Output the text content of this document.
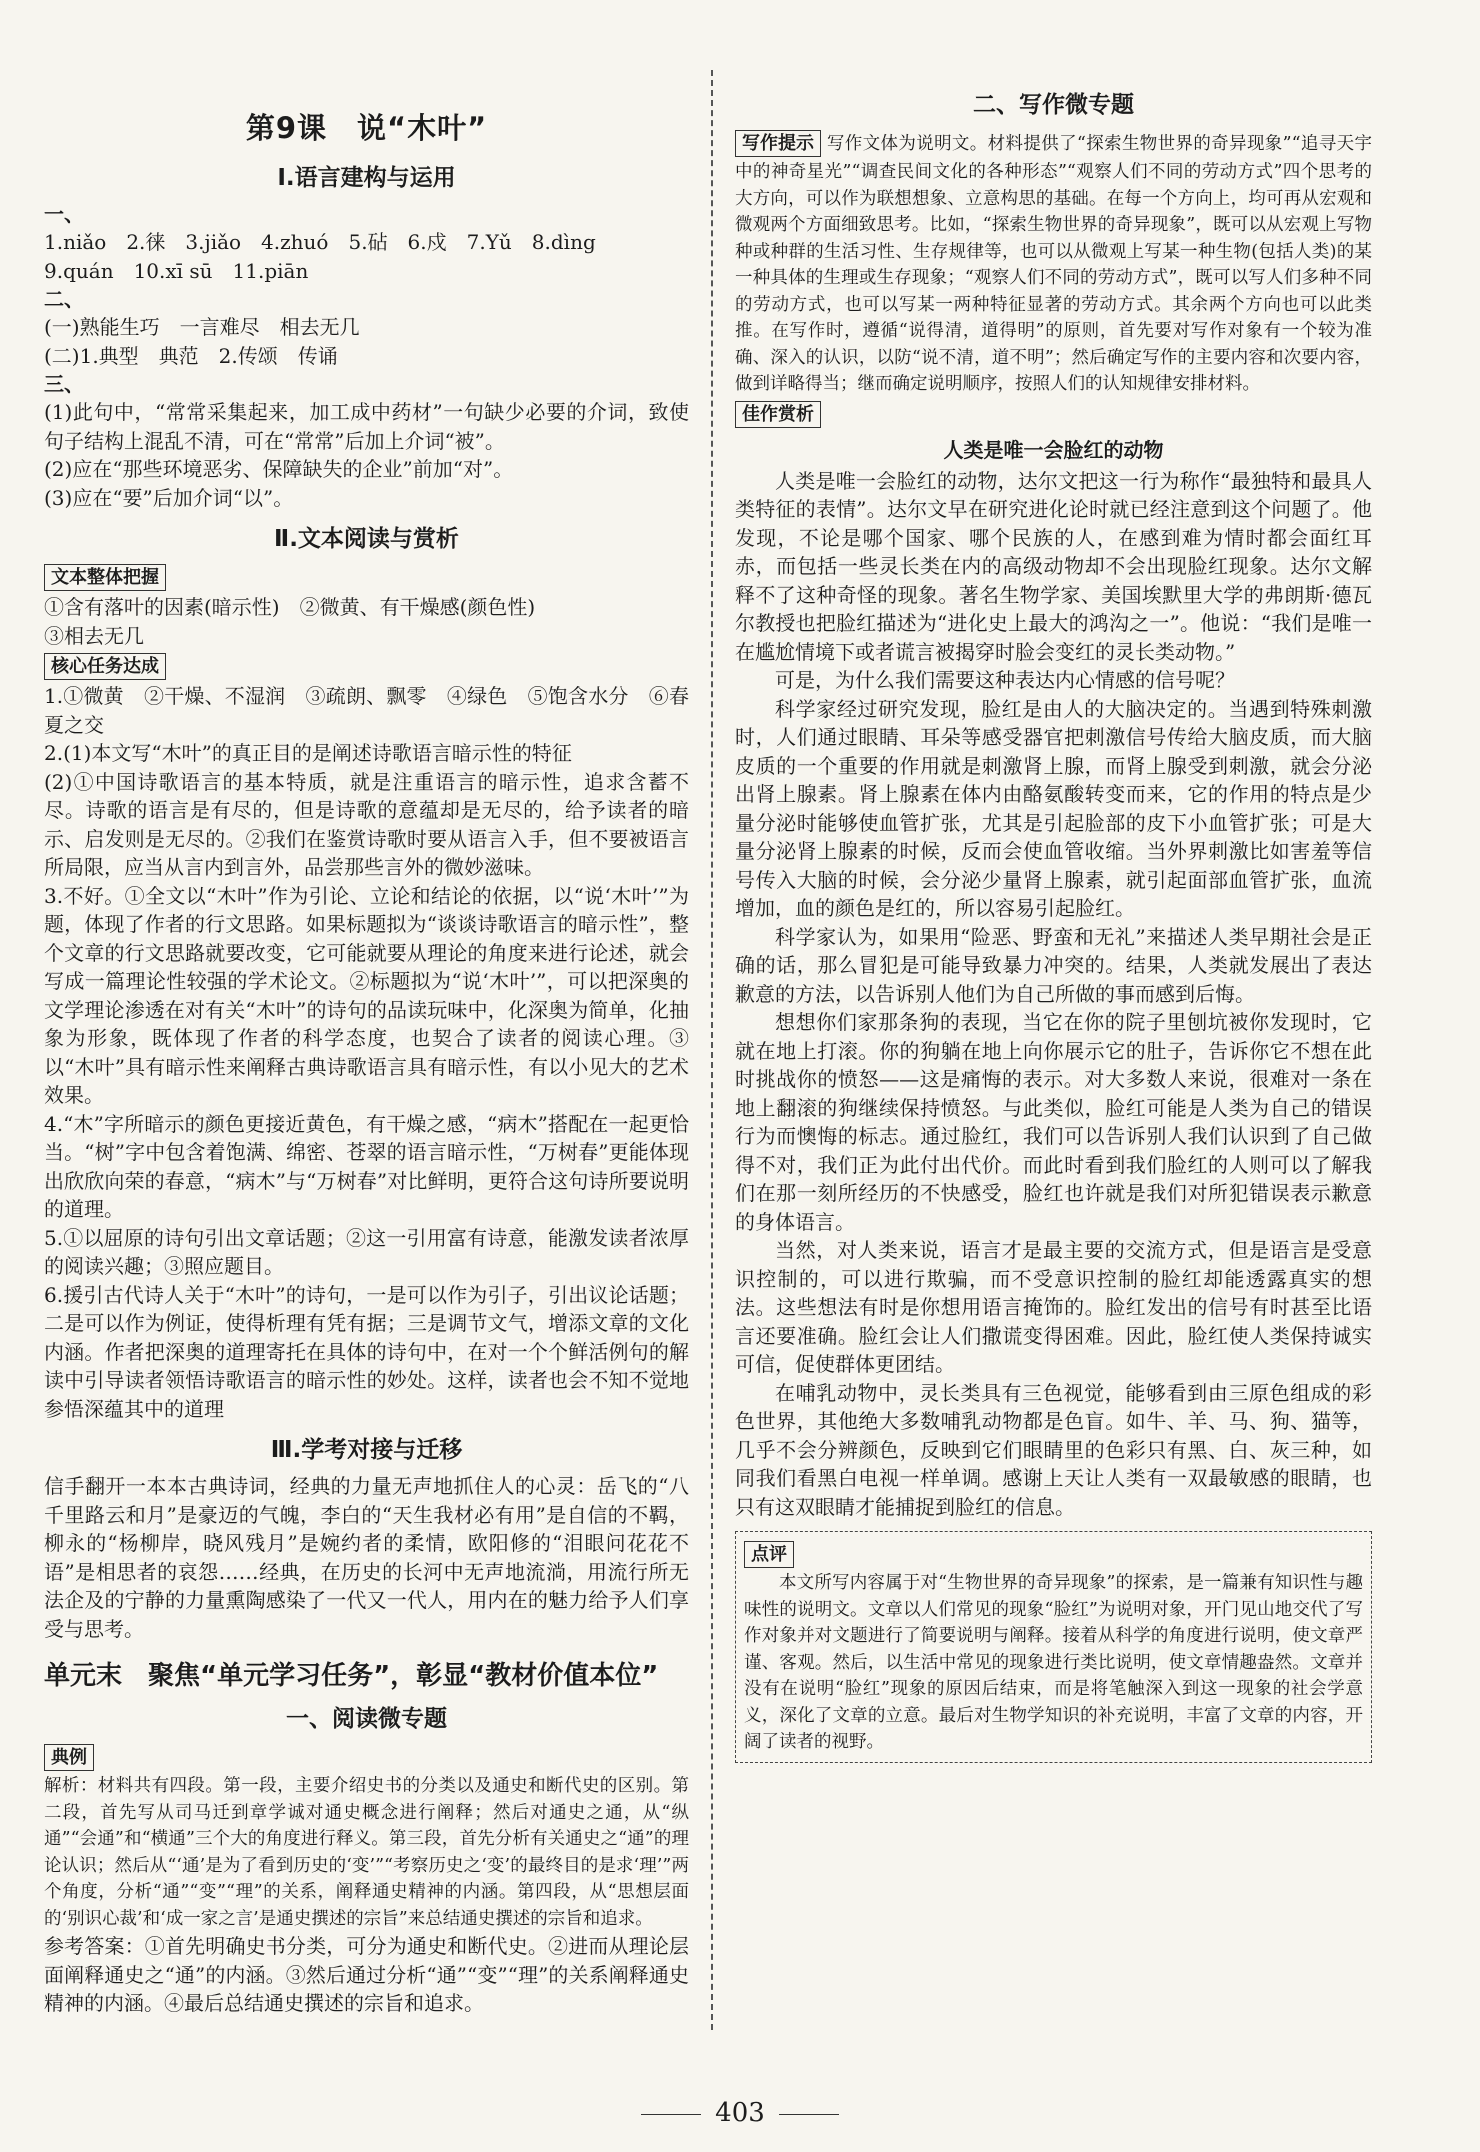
第9课　说“木叶”
Ⅰ.语言建构与运用

一、

1.niǎo　2.徕　3.jiǎo　4.zhuó　5.砧　6.戍　7.Yǔ　8.dìng

9.quán　10.xī sū　11.piān

二、

(一)熟能生巧　一言难尽　相去无几

(二)1.典型　典范　2.传颂　传诵

三、

(1)此句中，“常常采集起来，加工成中药材”一句缺少必要的介词，致使句子结构上混乱不清，可在“常常”后加上介词“被”。

(2)应在“那些环境恶劣、保障缺失的企业”前加“对”。

(3)应在“要”后加介词“以”。

Ⅱ.文本阅读与赏析
文本整体把握

①含有落叶的因素(暗示性)　②微黄、有干燥感(颜色性)

③相去无几

核心任务达成

1.①微黄　②干燥、不湿润　③疏朗、飘零　④绿色　⑤饱含水分　⑥春夏之交

2.(1)本文写“木叶”的真正目的是阐述诗歌语言暗示性的特征

(2)①中国诗歌语言的基本特质，就是注重语言的暗示性，追求含蓄不尽。诗歌的语言是有尽的，但是诗歌的意蕴却是无尽的，给予读者的暗示、启发则是无尽的。②我们在鉴赏诗歌时要从语言入手，但不要被语言所局限，应当从言内到言外，品尝那些言外的微妙滋味。

3.不好。①全文以“木叶”作为引论、立论和结论的依据，以“说‘木叶’”为题，体现了作者的行文思路。如果标题拟为“谈谈诗歌语言的暗示性”，整个文章的行文思路就要改变，它可能就要从理论的角度来进行论述，就会写成一篇理论性较强的学术论文。②标题拟为“说‘木叶’”，可以把深奥的文学理论渗透在对有关“木叶”的诗句的品读玩味中，化深奥为简单，化抽象为形象，既体现了作者的科学态度，也契合了读者的阅读心理。③以“木叶”具有暗示性来阐释古典诗歌语言具有暗示性，有以小见大的艺术效果。

4.“木”字所暗示的颜色更接近黄色，有干燥之感，“病木”搭配在一起更恰当。“树”字中包含着饱满、绵密、苍翠的语言暗示性，“万树春”更能体现出欣欣向荣的春意，“病木”与“万树春”对比鲜明，更符合这句诗所要说明的道理。

5.①以屈原的诗句引出文章话题；②这一引用富有诗意，能激发读者浓厚的阅读兴趣；③照应题目。

6.援引古代诗人关于“木叶”的诗句，一是可以作为引子，引出议论话题；二是可以作为例证，使得析理有凭有据；三是调节文气，增添文章的文化内涵。作者把深奥的道理寄托在具体的诗句中，在对一个个鲜活例句的解读中引导读者领悟诗歌语言的暗示性的妙处。这样，读者也会不知不觉地参悟深蕴其中的道理

Ⅲ.学考对接与迁移

信手翻开一本本古典诗词，经典的力量无声地抓住人的心灵：岳飞的“八千里路云和月”是豪迈的气魄，李白的“天生我材必有用”是自信的不羁，柳永的“杨柳岸，晓风残月”是婉约者的柔情，欧阳修的“泪眼问花花不语”是相思者的哀怨……经典，在历史的长河中无声地流淌，用流行所无法企及的宁静的力量熏陶感染了一代又一代人，用内在的魅力给予人们享受与思考。

单元末　聚焦“单元学习任务”，彰显“教材价值本位”
一、阅读微专题
典例

解析：材料共有四段。第一段，主要介绍史书的分类以及通史和断代史的区别。第二段，首先写从司马迁到章学诚对通史概念进行阐释；然后对通史之通，从“纵通”“会通”和“横通”三个大的角度进行释义。第三段，首先分析有关通史之“通”的理论认识；然后从“‘通’是为了看到历史的‘变’”“考察历史之‘变’的最终目的是求‘理’”两个角度，分析“通”“变”“理”的关系，阐释通史精神的内涵。第四段，从“思想层面的‘别识心裁’和‘成一家之言’是通史撰述的宗旨”来总结通史撰述的宗旨和追求。

参考答案：①首先明确史书分类，可分为通史和断代史。②进而从理论层面阐释通史之“通”的内涵。③然后通过分析“通”“变”“理”的关系阐释通史精神的内涵。④最后总结通史撰述的宗旨和追求。

二、写作微专题

写作提示 写作文体为说明文。材料提供了“探索生物世界的奇异现象”“追寻天宇中的神奇星光”“调查民间文化的各种形态”“观察人们不同的劳动方式”四个思考的大方向，可以作为联想想象、立意构思的基础。在每一个方向上，均可再从宏观和微观两个方面细致思考。比如，“探索生物世界的奇异现象”，既可以从宏观上写物种或种群的生活习性、生存规律等，也可以从微观上写某一种生物(包括人类)的某一种具体的生理或生存现象；“观察人们不同的劳动方式”，既可以写人们多种不同的劳动方式，也可以写某一两种特征显著的劳动方式。其余两个方向也可以此类推。在写作时，遵循“说得清，道得明”的原则，首先要对写作对象有一个较为准确、深入的认识，以防“说不清，道不明”；然后确定写作的主要内容和次要内容，做到详略得当；继而确定说明顺序，按照人们的认知规律安排材料。

佳作赏析
人类是唯一会脸红的动物

人类是唯一会脸红的动物，达尔文把这一行为称作“最独特和最具人类特征的表情”。达尔文早在研究进化论时就已经注意到这个问题了。他发现，不论是哪个国家、哪个民族的人，在感到难为情时都会面红耳赤，而包括一些灵长类在内的高级动物却不会出现脸红现象。达尔文解释不了这种奇怪的现象。著名生物学家、美国埃默里大学的弗朗斯·德瓦尔教授也把脸红描述为“进化史上最大的鸿沟之一”。他说：“我们是唯一在尴尬情境下或者谎言被揭穿时脸会变红的灵长类动物。”

可是，为什么我们需要这种表达内心情感的信号呢？

科学家经过研究发现，脸红是由人的大脑决定的。当遇到特殊刺激时，人们通过眼睛、耳朵等感受器官把刺激信号传给大脑皮质，而大脑皮质的一个重要的作用就是刺激肾上腺，而肾上腺受到刺激，就会分泌出肾上腺素。肾上腺素在体内由酪氨酸转变而来，它的作用的特点是少量分泌时能够使血管扩张，尤其是引起脸部的皮下小血管扩张；可是大量分泌肾上腺素的时候，反而会使血管收缩。当外界刺激比如害羞等信号传入大脑的时候，会分泌少量肾上腺素，就引起面部血管扩张，血流增加，血的颜色是红的，所以容易引起脸红。

科学家认为，如果用“险恶、野蛮和无礼”来描述人类早期社会是正确的话，那么冒犯是可能导致暴力冲突的。结果，人类就发展出了表达歉意的方法，以告诉别人他们为自己所做的事而感到后悔。

想想你们家那条狗的表现，当它在你的院子里刨坑被你发现时，它就在地上打滚。你的狗躺在地上向你展示它的肚子，告诉你它不想在此时挑战你的愤怒——这是痛悔的表示。对大多数人来说，很难对一条在地上翻滚的狗继续保持愤怒。与此类似，脸红可能是人类为自己的错误行为而懊悔的标志。通过脸红，我们可以告诉别人我们认识到了自己做得不对，我们正为此付出代价。而此时看到我们脸红的人则可以了解我们在那一刻所经历的不快感受，脸红也许就是我们对所犯错误表示歉意的身体语言。

当然，对人类来说，语言才是最主要的交流方式，但是语言是受意识控制的，可以进行欺骗，而不受意识控制的脸红却能透露真实的想法。这些想法有时是你想用语言掩饰的。脸红发出的信号有时甚至比语言还要准确。脸红会让人们撒谎变得困难。因此，脸红使人类保持诚实可信，促使群体更团结。

在哺乳动物中，灵长类具有三色视觉，能够看到由三原色组成的彩色世界，其他绝大多数哺乳动物都是色盲。如牛、羊、马、狗、猫等，几乎不会分辨颜色，反映到它们眼睛里的色彩只有黑、白、灰三种，如同我们看黑白电视一样单调。感谢上天让人类有一双最敏感的眼睛，也只有这双眼睛才能捕捉到脸红的信息。

点评

本文所写内容属于对“生物世界的奇异现象”的探索，是一篇兼有知识性与趣味性的说明文。文章以人们常见的现象“脸红”为说明对象，开门见山地交代了写作对象并对文题进行了简要说明与阐释。接着从科学的角度进行说明，使文章严谨、客观。然后，以生活中常见的现象进行类比说明，使文章情趣盎然。文章并没有在说明“脸红”现象的原因后结束，而是将笔触深入到这一现象的社会学意义，深化了文章的立意。最后对生物学知识的补充说明，丰富了文章的内容，开阔了读者的视野。

403
